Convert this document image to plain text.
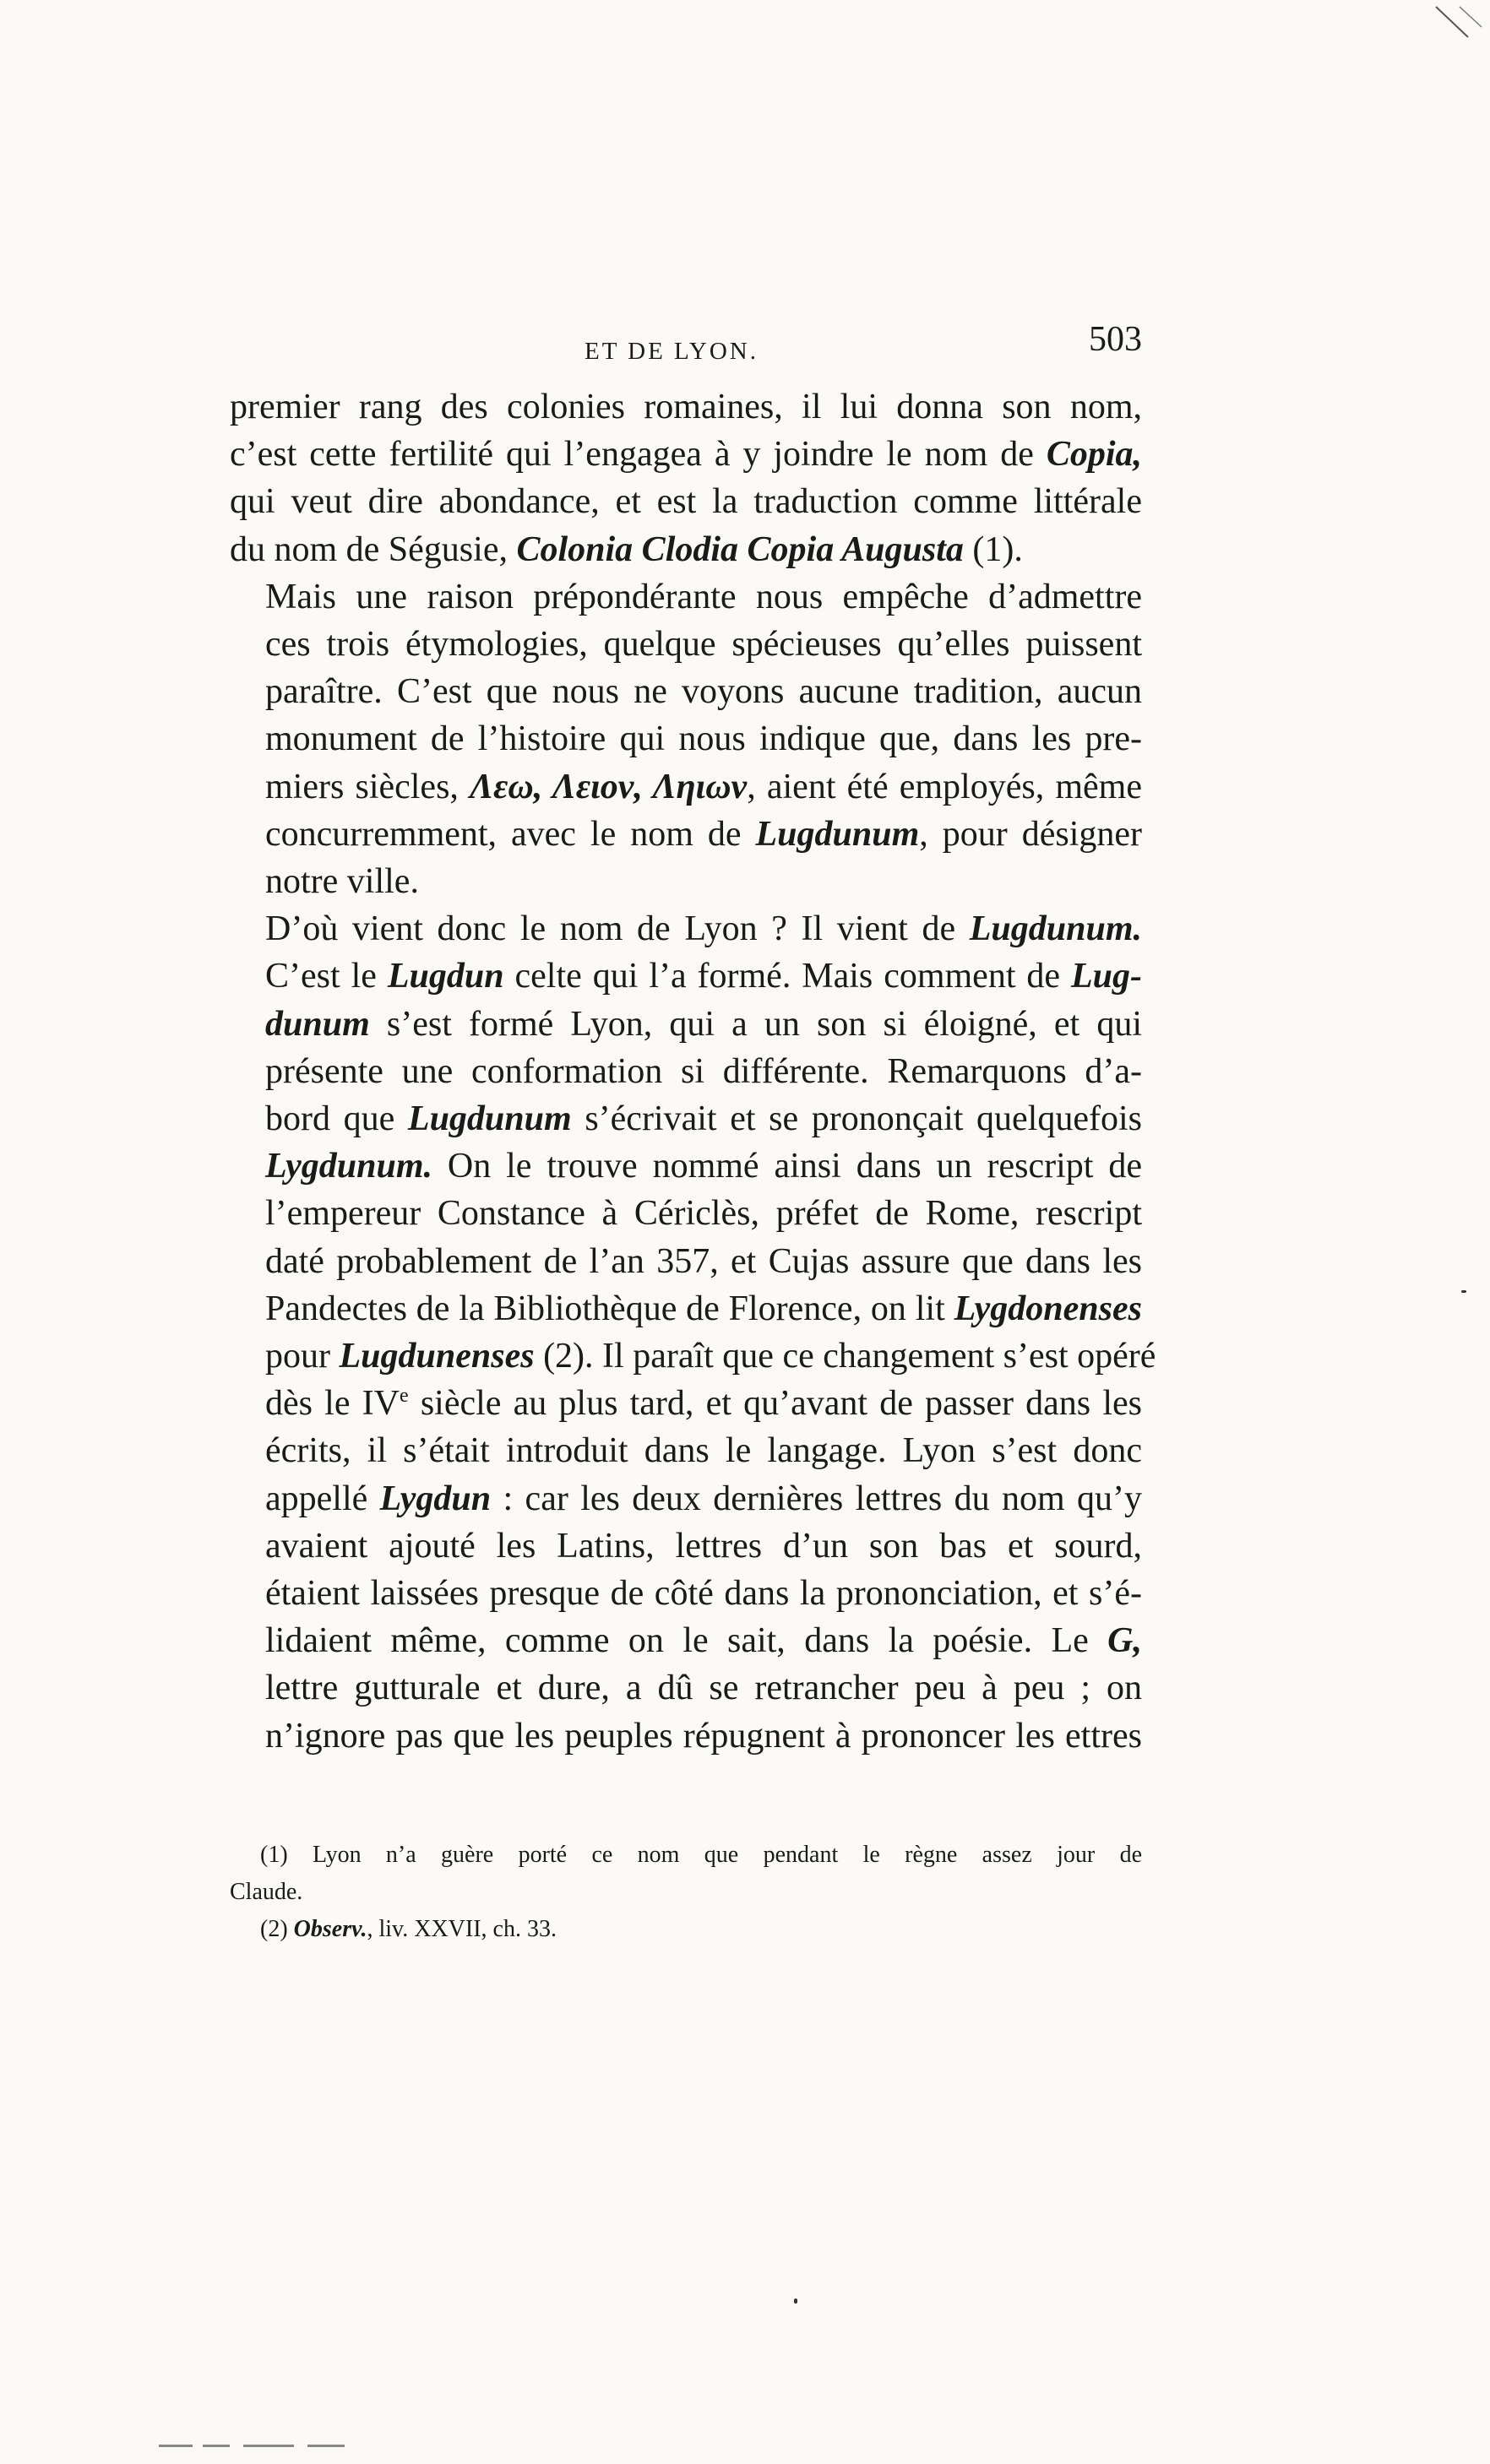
ET DE LYON.	503

premier rang des colonies romaines, il lui donna son nom,
c’est cette fertilité qui l’engagea à y joindre le nom de Copia,
qui veut dire abondance, et est la traduction comme littérale
du nom de Ségusie, Colonia Clodia Copia Augusta (1).

Mais une raison prépondérante nous empêche d’admettre
ces trois étymologies, quelque spécieuses qu’elles puissent
paraître. C’est que nous ne voyons aucune tradition, aucun
monument de l’histoire qui nous indique que, dans les pre-
miers siècles, Λεω, Λειον, Ληιων, aient été employés, même
concurremment, avec le nom de Lugdunum, pour désigner
notre ville.

D’où vient donc le nom de Lyon ? Il vient de Lugdunum.
C’est le Lugdun celte qui l’a formé. Mais comment de Lug-
dunum s’est formé Lyon, qui a un son si éloigné, et qui
présente une conformation si différente. Remarquons d’a-
bord que Lugdunum s’écrivait et se prononçait quelquefois
Lygdunum. On le trouve nommé ainsi dans un rescript de
l’empereur Constance à Cériclès, préfet de Rome, rescript
daté probablement de l’an 357, et Cujas assure que dans les
Pandectes de la Bibliothèque de Florence, on lit Lygdonenses
pour Lugdunenses (2). Il paraît que ce changement s’est opéré
dès le IVe siècle au plus tard, et qu’avant de passer dans les
écrits, il s’était introduit dans le langage. Lyon s’est donc
appellé Lygdun : car les deux dernières lettres du nom qu’y
avaient ajouté les Latins, lettres d’un son bas et sourd,
étaient laissées presque de côté dans la prononciation, et s’é-
lidaient même, comme on le sait, dans la poésie. Le G,
lettre gutturale et dure, a dû se retrancher peu à peu ; on
n’ignore pas que les peuples répugnent à prononcer les ettres

(1) Lyon n’a guère porté ce nom que pendant le règne assez jour de
Claude.
(2) Observ., liv. XXVII, ch. 33.
